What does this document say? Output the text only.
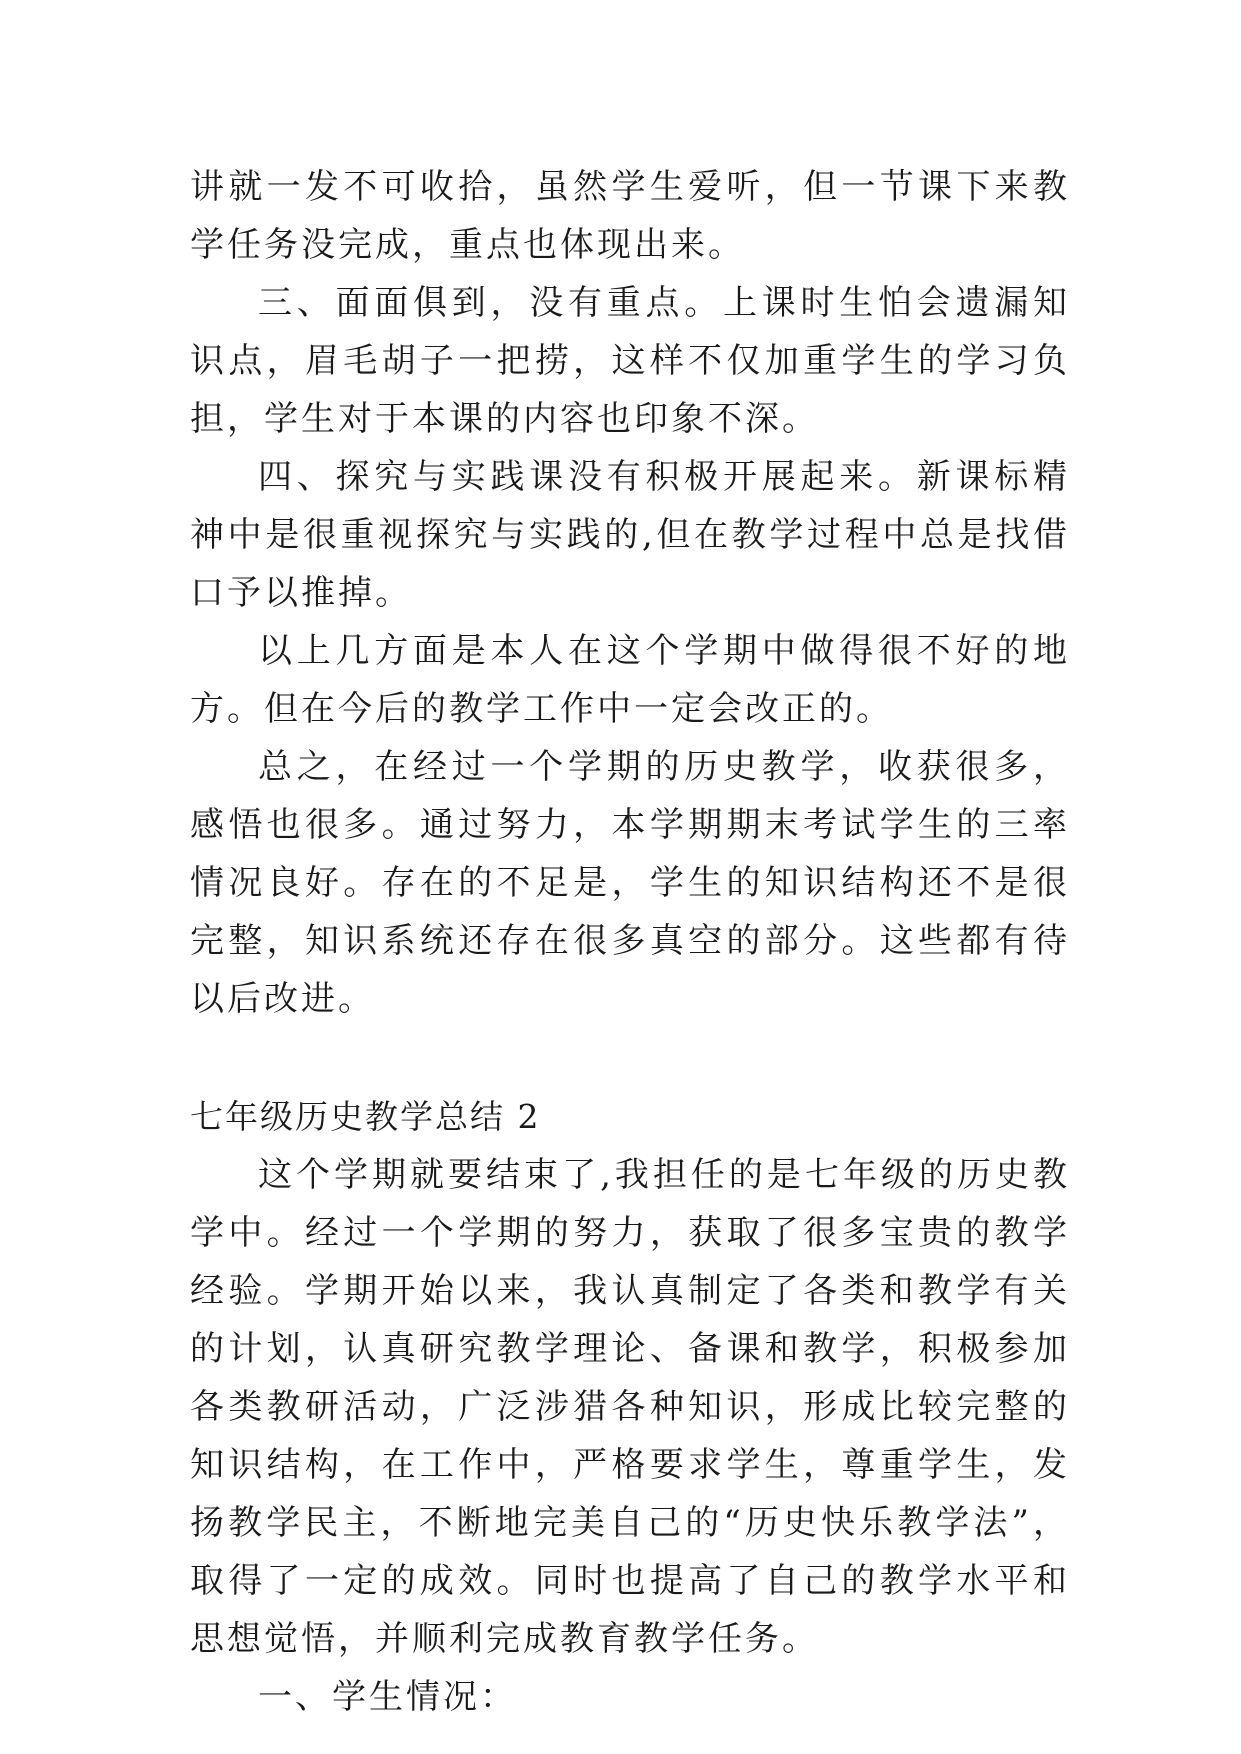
讲就一发不可收拾，虽然学生爱听，但一节课下来教学任务没完成，重点也体现出来。

三、面面俱到，没有重点。上课时生怕会遗漏知识点，眉毛胡子一把捞，这样不仅加重学生的学习负担，学生对于本课的内容也印象不深。

四、探究与实践课没有积极开展起来。新课标精神中是很重视探究与实践的,但在教学过程中总是找借口予以推掉。

以上几方面是本人在这个学期中做得很不好的地方。但在今后的教学工作中一定会改正的。

总之，在经过一个学期的历史教学，收获很多，感悟也很多。通过努力，本学期期末考试学生的三率情况良好。存在的不足是，学生的知识结构还不是很完整，知识系统还存在很多真空的部分。这些都有待以后改进。

七年级历史教学总结 2

这个学期就要结束了,我担任的是七年级的历史教学中。经过一个学期的努力，获取了很多宝贵的教学经验。学期开始以来，我认真制定了各类和教学有关的计划，认真研究教学理论、备课和教学，积极参加各类教研活动，广泛涉猎各种知识，形成比较完整的知识结构，在工作中，严格要求学生，尊重学生，发扬教学民主，不断地完美自己的“历史快乐教学法”，取得了一定的成效。同时也提高了自己的教学水平和思想觉悟，并顺利完成教育教学任务。

一、学生情况：
